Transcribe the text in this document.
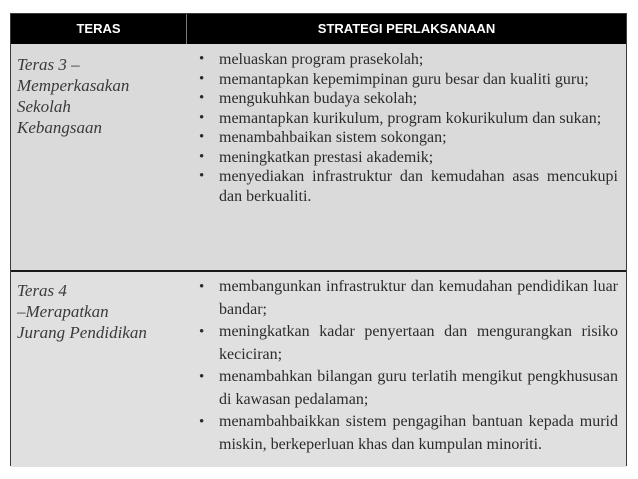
TERAS	STRATEGI PERLAKSANAAN
Teras 3 –
Memperkasakan
Sekolah
Kebangsaan
• meluaskan program prasekolah;
• memantapkan kepemimpinan guru besar dan kualiti guru;
• mengukuhkan budaya sekolah;
• memantapkan kurikulum, program kokurikulum dan sukan;
• menambahbaikan sistem sokongan;
• meningkatkan prestasi akademik;
• menyediakan infrastruktur dan kemudahan asas mencukupi dan berkualiti.
Teras 4
–Merapatkan
Jurang Pendidikan
• membangunkan infrastruktur dan kemudahan pendidikan luar bandar;
• meningkatkan kadar penyertaan dan mengurangkan risiko keciciran;
• menambahkan bilangan guru terlatih mengikut pengkhususan di kawasan pedalaman;
• menambahbaikkan sistem pengagihan bantuan kepada murid miskin, berkeperluan khas dan kumpulan minoriti.
